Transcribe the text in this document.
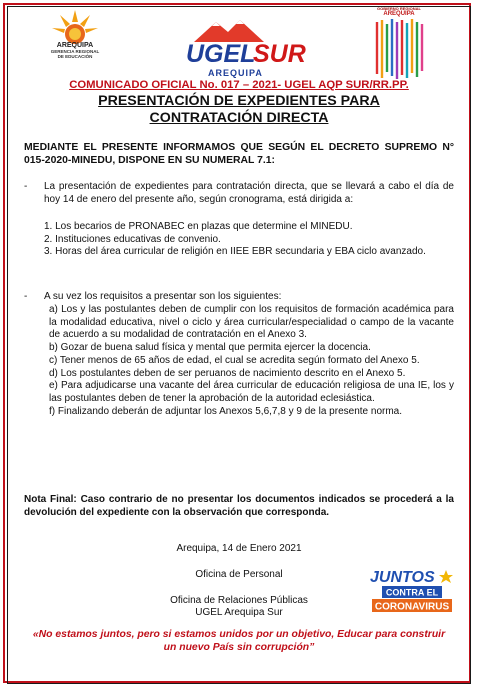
AREQUIPA
GERENCIA REGIONAL
DE EDUCACIÓN	UGEL
SUR
AREQUIPA
GOBIERNO REGIONAL
AREQUIPA
COMUNICADO OFICIAL No. 017 – 2021- UGEL AQP SUR/RR.PP.
PRESENTACIÓN DE EXPEDIENTES PARA
CONTRATACIÓN DIRECTA
MEDIANTE EL PRESENTE INFORMAMOS QUE SEGÚN EL DECRETO SUPREMO N° 015-2020-MINEDU, DISPONE EN SU NUMERAL 7.1:
-	La presentación de expedientes para contratación directa, que se llevará a cabo el día de hoy 14 de enero del presente año, según cronograma, está dirigida a:

1. Los becarios de PRONABEC en plazas que determine el MINEDU.

2. Instituciones educativas de convenio.

3. Horas del área curricular de religión en IIEE EBR secundaria y EBA ciclo avanzado.

-	A su vez los requisitos a presentar son los siguientes:

a) Los y las postulantes deben de cumplir con los requisitos de formación académica para la modalidad educativa, nivel o ciclo y área curricular/especialidad o campo de la vacante de acuerdo a su modalidad de contratación en el Anexo 3.

b) Gozar de buena salud física y mental que permita ejercer la docencia.

c) Tener menos de 65 años de edad, el cual se acredita según formato del Anexo 5.

d) Los postulantes deben de ser peruanos de nacimiento descrito en el Anexo 5.

e) Para adjudicarse una vacante del área curricular de educación religiosa de una IE, los y las postulantes deben de tener la aprobación de la autoridad eclesiástica.

f) Finalizando deberán de adjuntar los Anexos 5,6,7,8 y 9 de la presente norma.

Nota Final: Caso contrario de no presentar los documentos indicados se procederá a la devolución del expediente con la observación que corresponda.
Arequipa, 14 de Enero 2021
Oficina de Personal
Oficina de Relaciones Públicas
UGEL Arequipa Sur
JUNTOS
CONTRA EL
CORONAVIRUS
«No estamos juntos, pero si estamos unidos por un objetivo, Educar para construir
un nuevo País sin corrupción”
